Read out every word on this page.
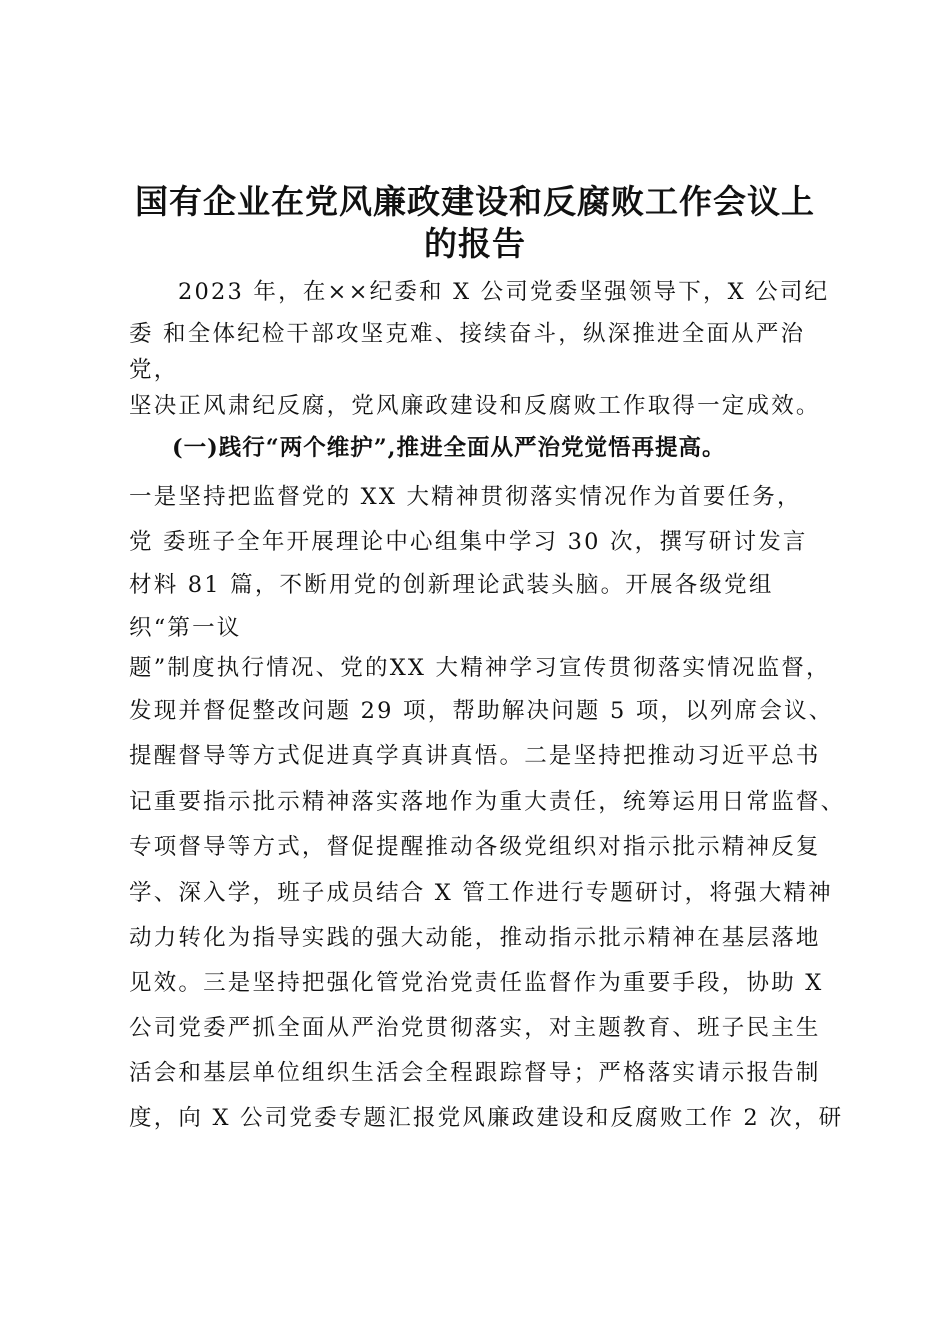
国有企业在党风廉政建设和反腐败工作会议上
的报告
2023 年，在××纪委和 X 公司党委坚强领导下，X 公司纪
委 和全体纪检干部攻坚克难、接续奋斗，纵深推进全面从严治
党，
坚决正风肃纪反腐，党风廉政建设和反腐败工作取得一定成效。
(一)践行“两个维护”,推进全面从严治党觉悟再提高。
一是坚持把监督党的 XX 大精神贯彻落实情况作为首要任务，
党 委班子全年开展理论中心组集中学习 30 次，撰写研讨发言
材料 81 篇，不断用党的创新理论武装头脑。开展各级党组
织“第一议
题”制度执行情况、党的XX 大精神学习宣传贯彻落实情况监督，
发现并督促整改问题 29 项，帮助解决问题 5 项，以列席会议、
提醒督导等方式促进真学真讲真悟。二是坚持把推动习近平总书
记重要指示批示精神落实落地作为重大责任，统筹运用日常监督、
专项督导等方式，督促提醒推动各级党组织对指示批示精神反复
学、深入学，班子成员结合 X 管工作进行专题研讨，将强大精神
动力转化为指导实践的强大动能，推动指示批示精神在基层落地
见效。三是坚持把强化管党治党责任监督作为重要手段，协助 X
公司党委严抓全面从严治党贯彻落实，对主题教育、班子民主生
活会和基层单位组织生活会全程跟踪督导；严格落实请示报告制
度，向 X 公司党委专题汇报党风廉政建设和反腐败工作 2 次，研
